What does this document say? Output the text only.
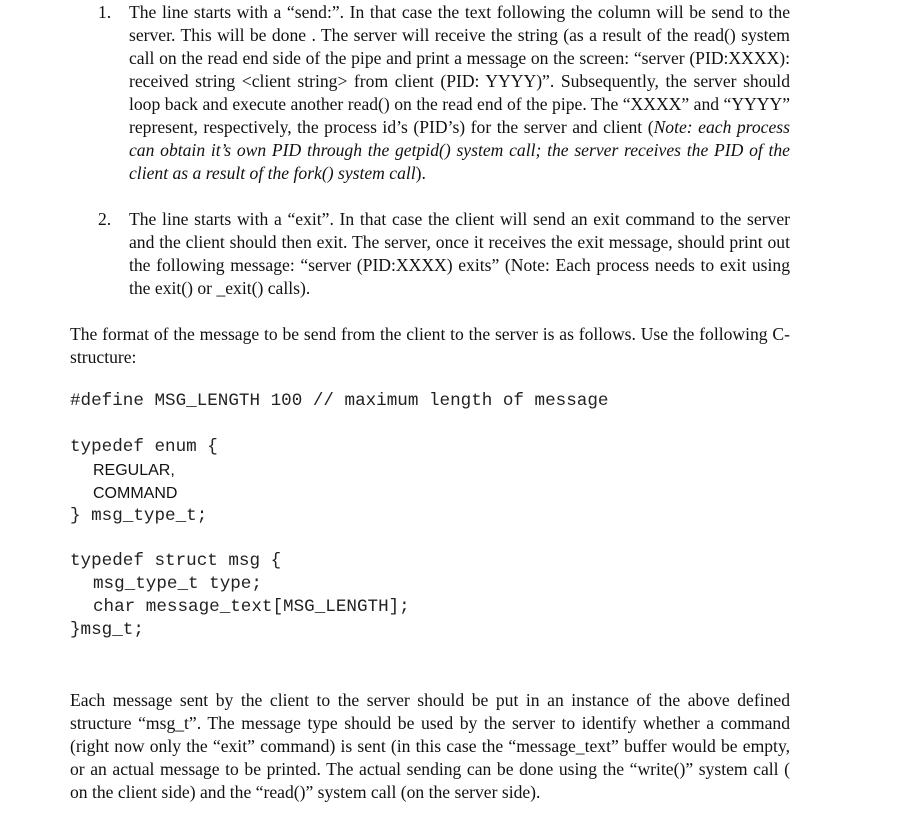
1. The line starts with a “send:”. In that case the text following the column will be send to the server. This will be done . The server will receive the string (as a result of the read() system call on the read end side of the pipe and print a message on the screen: “server (PID:XXXX): received string <client string> from client (PID: YYYY)”. Subsequently, the server should loop back and execute another read() on the read end of the pipe. The “XXXX” and “YYYY” represent, respectively, the process id’s (PID’s) for the server and client (Note: each process can obtain it’s own PID through the getpid() system call; the server receives the PID of the client as a result of the fork() system call).
2. The line starts with a “exit”. In that case the client will send an exit command to the server and the client should then exit. The server, once it receives the exit message, should print out the following message: “server (PID:XXXX) exits” (Note: Each process needs to exit using the exit() or _exit() calls).

The format of the message to be send from the client to the server is as follows. Use the following C-structure:

#define MSG_LENGTH 100 // maximum length of message
typedef enum {
REGULAR,
COMMAND
} msg_type_t;
typedef struct msg {
msg_type_t type;
char message_text[MSG_LENGTH];
}msg_t;

Each message sent by the client to the server should be put in an instance of the above defined structure “msg_t”. The message type should be used by the server to identify whether a command (right now only the “exit” command) is sent (in this case the “message_text” buffer would be empty, or an actual message to be printed. The actual sending can be done using the “write()” system call ( on the client side) and the “read()” system call (on the server side).
